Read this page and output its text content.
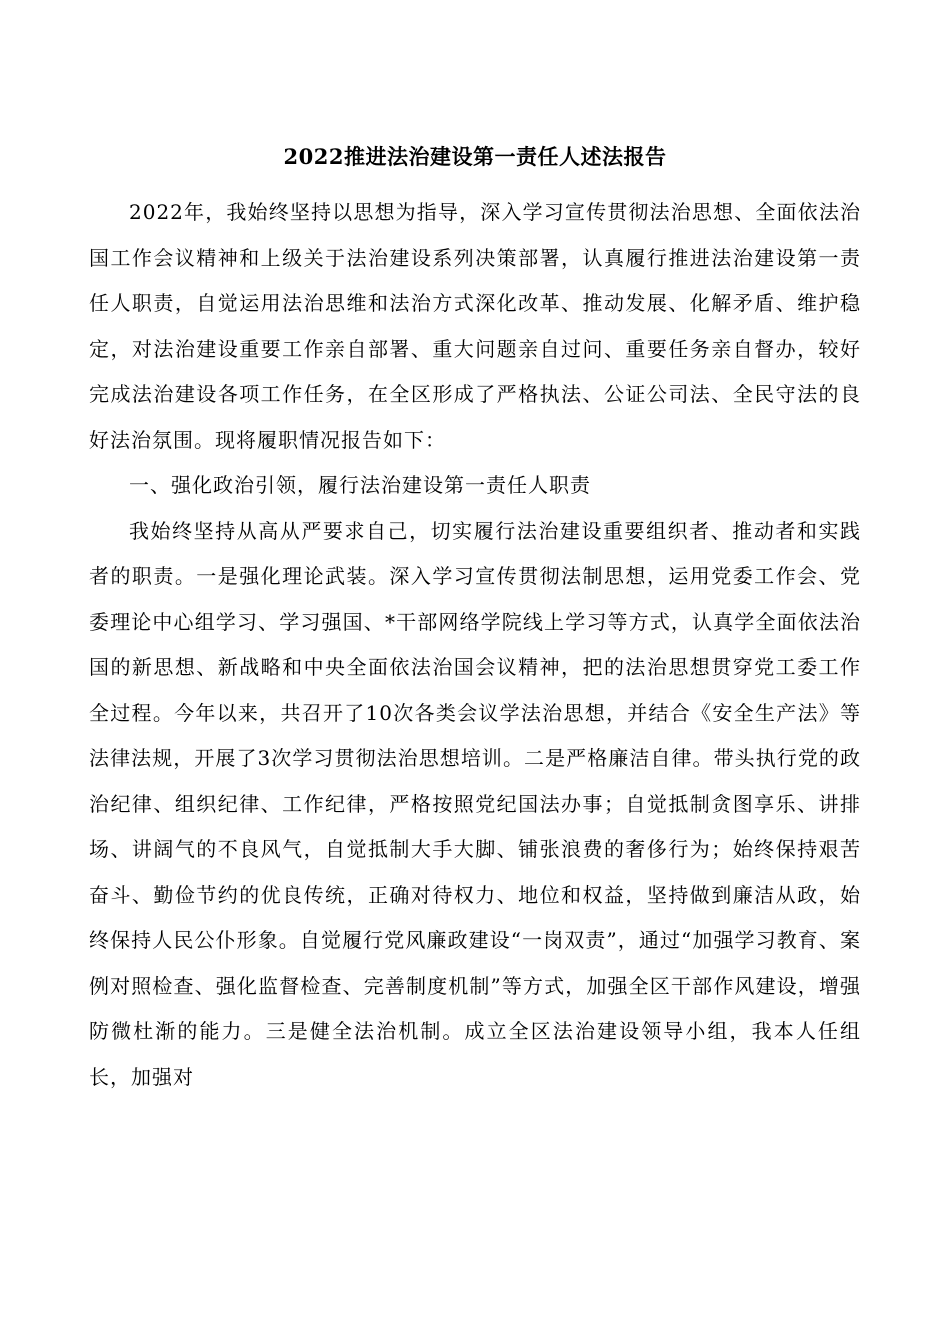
2022推进法治建设第一责任人述法报告

2022年，我始终坚持以思想为指导，深入学习宣传贯彻法治思想、全面依法治国工作会议精神和上级关于法治建设系列决策部署，认真履行推进法治建设第一责任人职责，自觉运用法治思维和法治方式深化改革、推动发展、化解矛盾、维护稳定，对法治建设重要工作亲自部署、重大问题亲自过问、重要任务亲自督办，较好完成法治建设各项工作任务，在全区形成了严格执法、公证公司法、全民守法的良好法治氛围。现将履职情况报告如下：

一、强化政治引领，履行法治建设第一责任人职责

我始终坚持从高从严要求自己，切实履行法治建设重要组织者、推动者和实践者的职责。一是强化理论武装。深入学习宣传贯彻法制思想，运用党委工作会、党委理论中心组学习、学习强国、*干部网络学院线上学习等方式，认真学全面依法治国的新思想、新战略和中央全面依法治国会议精神，把的法治思想贯穿党工委工作全过程。今年以来，共召开了10次各类会议学法治思想，并结合《安全生产法》等法律法规，开展了3次学习贯彻法治思想培训。二是严格廉洁自律。带头执行党的政治纪律、组织纪律、工作纪律，严格按照党纪国法办事；自觉抵制贪图享乐、讲排场、讲阔气的不良风气，自觉抵制大手大脚、铺张浪费的奢侈行为；始终保持艰苦奋斗、勤俭节约的优良传统，正确对待权力、地位和权益，坚持做到廉洁从政，始终保持人民公仆形象。自觉履行党风廉政建设“一岗双责”，通过“加强学习教育、案例对照检查、强化监督检查、完善制度机制”等方式，加强全区干部作风建设，增强防微杜渐的能力。三是健全法治机制。成立全区法治建设领导小组，我本人任组长，加强对
